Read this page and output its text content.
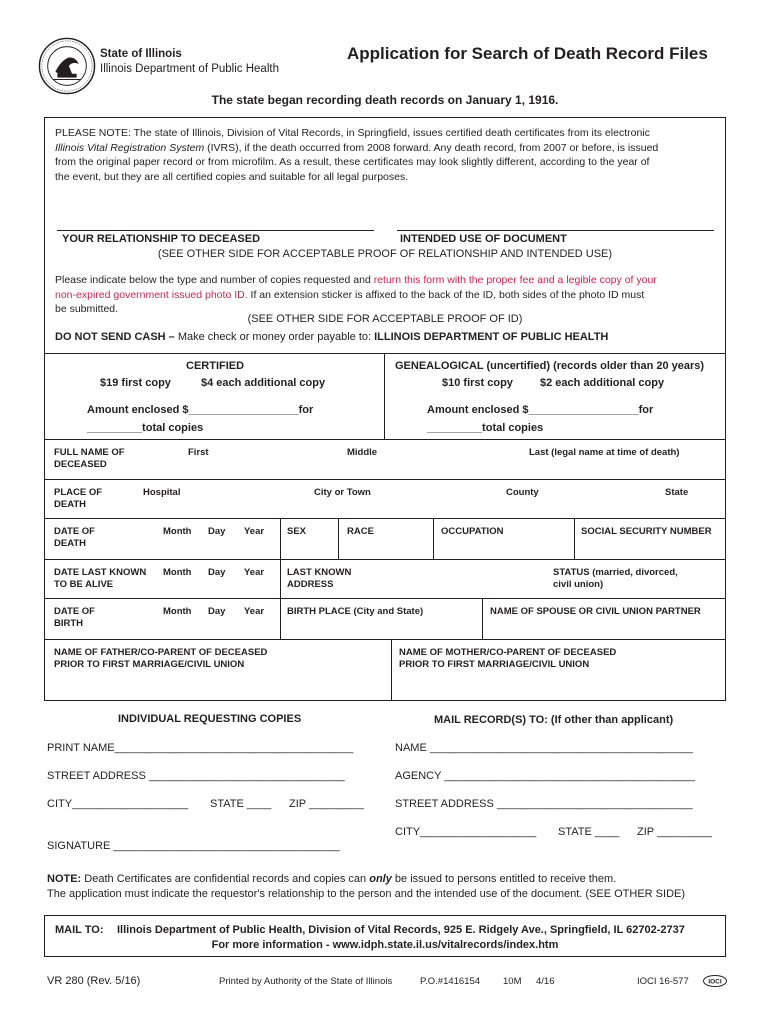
State of Illinois
Illinois Department of Public Health
Application for Search of Death Record Files
The state began recording death records on January 1, 1916.
PLEASE NOTE: The state of Illinois, Division of Vital Records, in Springfield, issues certified death certificates from its electronic
Illinois Vital Registration System (IVRS), if the death occurred from 2008 forward. Any death record, from 2007 or before, is issued
from the original paper record or from microfilm. As a result, these certificates may look slightly different, according to the year of
the event, but they are all certified copies and suitable for all legal purposes.
YOUR RELATIONSHIP TO DECEASED	INTENDED USE OF DOCUMENT
(SEE OTHER SIDE FOR ACCEPTABLE PROOF OF RELATIONSHIP AND INTENDED USE)
Please indicate below the type and number of copies requested and return this form with the proper fee and a legible copy of your
non-expired government issued photo ID. If an extension sticker is affixed to the back of the ID, both sides of the photo ID must
be submitted.
(SEE OTHER SIDE FOR ACCEPTABLE PROOF OF ID)
DO NOT SEND CASH – Make check or money order payable to: ILLINOIS DEPARTMENT OF PUBLIC HEALTH
CERTIFIED
$19 first copy	$4 each additional copy
Amount enclosed $__________________for
_________total copies
GENEALOGICAL (uncertified) (records older than 20 years)
$10 first copy $2 each additional copy
Amount enclosed $__________________for
_________total copies
FULL NAME OF
DECEASED
First	Middle	Last (legal name at time of death)
PLACE OF
DEATH
Hospital	City or Town	County	State
DATE OF
DEATH
Month Day Year SEX	RACE	OCCUPATION	SOCIAL SECURITY NUMBER
DATE LAST KNOWN
TO BE ALIVE
Month Day Year LAST KNOWN
ADDRESS
STATUS (married, divorced,
civil union)
DATE OF
BIRTH
Month Day Year BIRTH PLACE (City and State)	NAME OF SPOUSE OR CIVIL UNION PARTNER
NAME OF FATHER/CO-PARENT OF DECEASED
PRIOR TO FIRST MARRIAGE/CIVIL UNION
NAME OF MOTHER/CO-PARENT OF DECEASED
PRIOR TO FIRST MARRIAGE/CIVIL UNION
INDIVIDUAL REQUESTING COPIES	MAIL RECORD(S) TO: (If other than applicant)
PRINT NAME_______________________________________
STREET ADDRESS ________________________________
CITY___________________ STATE ____ ZIP _________
SIGNATURE _____________________________________
NAME ___________________________________________
AGENCY _________________________________________
STREET ADDRESS ________________________________
CITY___________________ STATE ____ ZIP _________
NOTE: Death Certificates are confidential records and copies can only be issued to persons entitled to receive them.
The application must indicate the requestor's relationship to the person and the intended use of the document. (SEE OTHER SIDE)
MAIL TO: Illinois Department of Public Health, Division of Vital Records, 925 E. Ridgely Ave., Springfield, IL 62702-2737
For more information - www.idph.state.il.us/vitalrecords/index.htm
VR 280 (Rev. 5/16)	Printed by Authority of the State of Illinois	P.O.#1416154 10M 4/16	IOCI 16-577	IOCI
